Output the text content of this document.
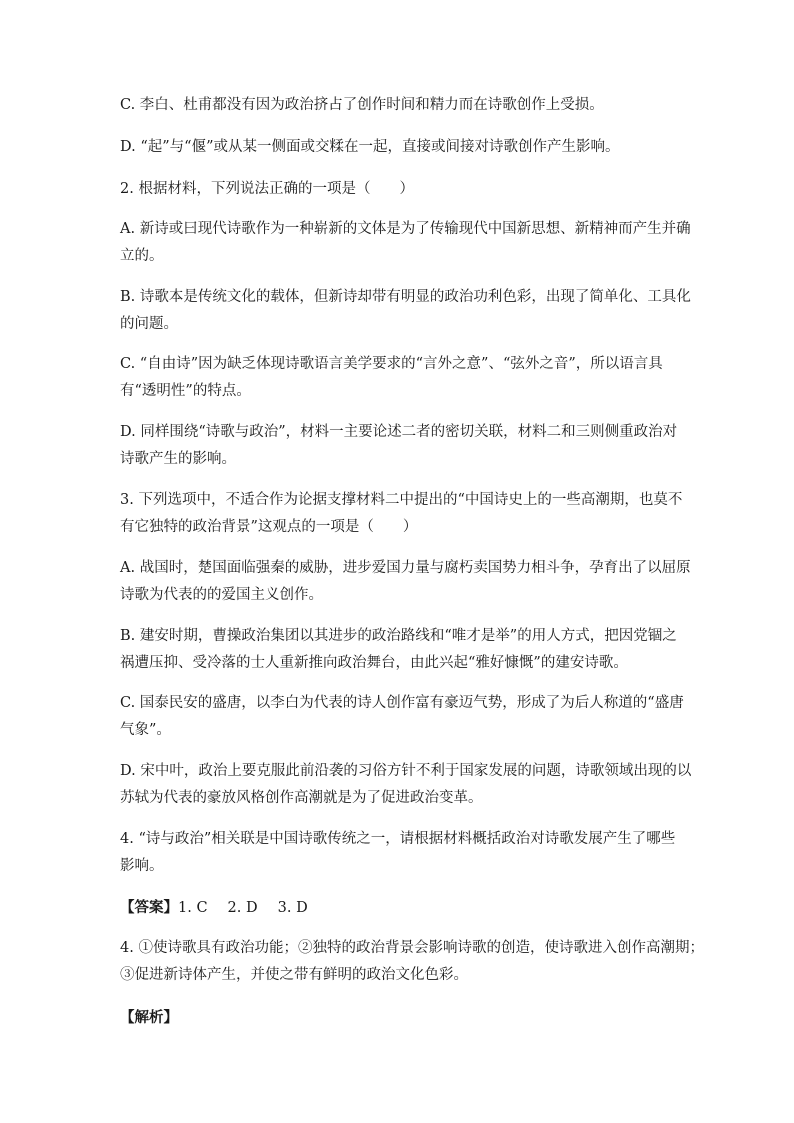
C. 李白、杜甫都没有因为政治挤占了创作时间和精力而在诗歌创作上受损。

D. “起”与“偃”或从某一侧面或交糅在一起，直接或间接对诗歌创作产生影响。

2. 根据材料，下列说法正确的一项是（　　）

A. 新诗或曰现代诗歌作为一种崭新的文体是为了传输现代中国新思想、新精神而产生并确
立的。

B. 诗歌本是传统文化的载体，但新诗却带有明显的政治功利色彩，出现了简单化、工具化
的问题。

C. “自由诗”因为缺乏体现诗歌语言美学要求的“言外之意”、“弦外之音”，所以语言具
有“透明性”的特点。

D. 同样围绕“诗歌与政治”，材料一主要论述二者的密切关联，材料二和三则侧重政治对
诗歌产生的影响。

3. 下列选项中，不适合作为论据支撑材料二中提出的“中国诗史上的一些高潮期，也莫不
有它独特的政治背景”这观点的一项是（　　）

A. 战国时，楚国面临强秦的威胁，进步爱国力量与腐朽卖国势力相斗争，孕育出了以屈原
诗歌为代表的的爱国主义创作。

B. 建安时期，曹操政治集团以其进步的政治路线和“唯才是举”的用人方式，把因党锢之
祸遭压抑、受冷落的士人重新推向政治舞台，由此兴起“雅好慷慨”的建安诗歌。

C. 国泰民安的盛唐，以李白为代表的诗人创作富有豪迈气势，形成了为后人称道的“盛唐
气象”。

D. 宋中叶，政治上要克服此前沿袭的习俗方针不利于国家发展的问题，诗歌领域出现的以
苏轼为代表的豪放风格创作高潮就是为了促进政治变革。

4. “诗与政治”相关联是中国诗歌传统之一，请根据材料概括政治对诗歌发展产生了哪些
影响。

【答案】1. C 2. D 3. D

4. ①使诗歌具有政治功能；②独特的政治背景会影响诗歌的创造，使诗歌进入创作高潮期；
③促进新诗体产生，并使之带有鲜明的政治文化色彩。

【解析】
